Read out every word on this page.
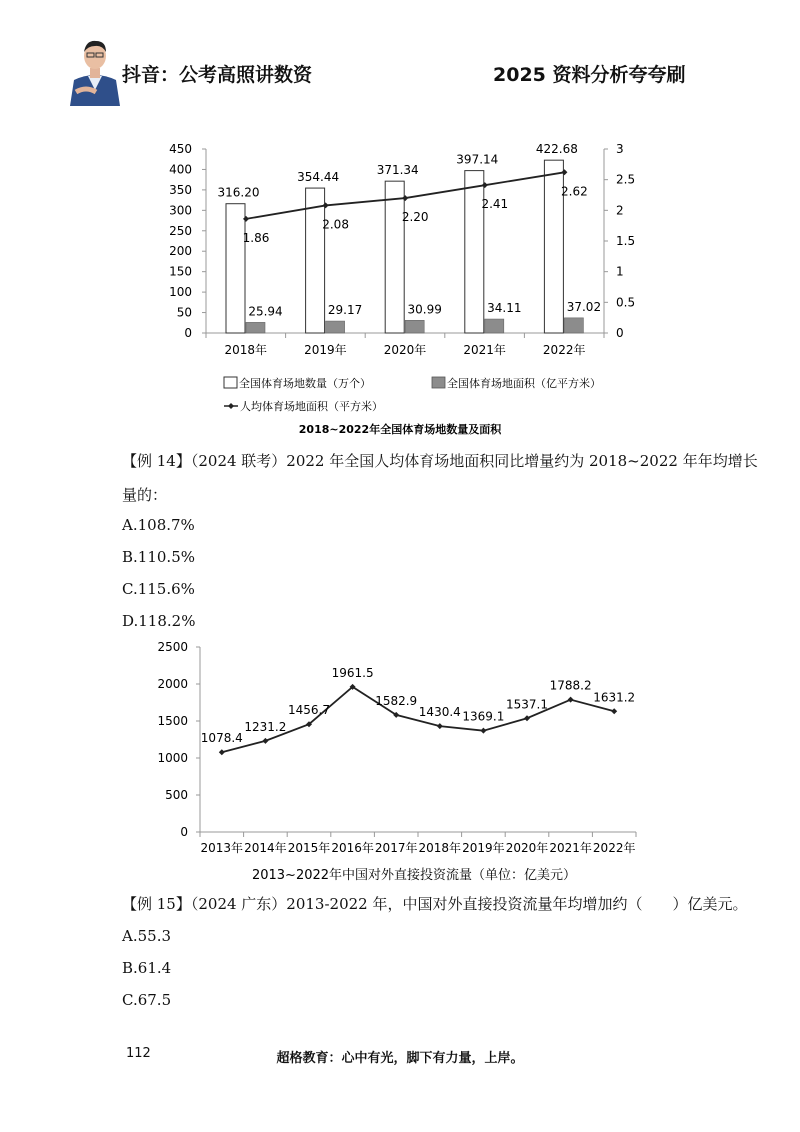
抖音：公考高照讲数资	2025 资料分析夸夸刷
0
50
100
150
200
250
300
350
400
450
0
0.5
1
1.5
2
2.5
3
2018年	2019年	2020年	2021年	2022年
316.20
25.94
354.44
29.17
371.34
30.99
397.14
34.11
422.68
37.02
1.86
2.08
2.20
2.41
2.62
全国体育场地数量（万个）	全国体育场地面积（亿平方米）
人均体育场地面积（平方米）
2018~2022年全国体育场地数量及面积
【例 14】（2024 联考）2022 年全国人均体育场地面积同比增量约为 2018~2022 年年均增长
量的：
A.108.7%
B.110.5%
C.115.6%
D.118.2%
0
500
1000
1500
2000
2500
2013年 2014年 2015年 2016年 2017年 2018年 2019年 2020年 2021年 2022年
1078.4
1231.2
1456.7
1961.5
1582.9
1430.4 1369.1
1537.1
1788.2
1631.2
2013~2022年中国对外直接投资流量（单位：亿美元）
【例 15】（2024 广东）2013-2022 年，中国对外直接投资流量年均增加约（　　）亿美元。
A.55.3
B.61.4
C.67.5
112	超格教育：心中有光，脚下有力量，上岸。
